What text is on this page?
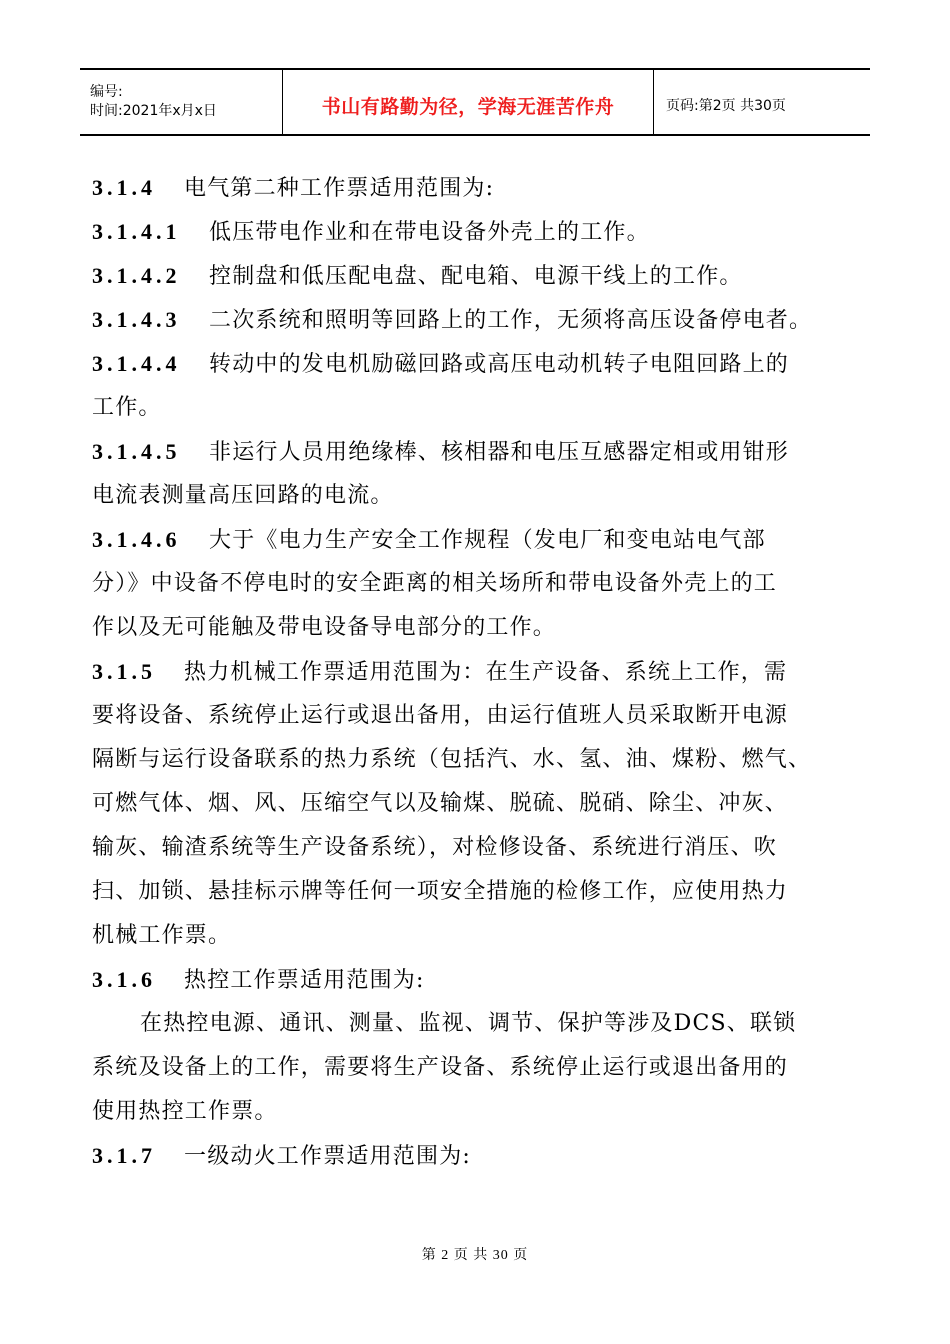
编号:
时间:2021年x月x日	书山有路勤为径，学海无涯苦作舟	页码:第2页 共30页
3.1.4 电气第二种工作票适用范围为:
3.1.4.1 低压带电作业和在带电设备外壳上的工作。
3.1.4.2 控制盘和低压配电盘、配电箱、电源干线上的工作。
3.1.4.3 二次系统和照明等回路上的工作，无须将高压设备停电者。
3.1.4.4 转动中的发电机励磁回路或高压电动机转子电阻回路上的
工作。
3.1.4.5 非运行人员用绝缘棒、核相器和电压互感器定相或用钳形
电流表测量高压回路的电流。
3.1.4.6 大于《电力生产安全工作规程（发电厂和变电站电气部
分）》中设备不停电时的安全距离的相关场所和带电设备外壳上的工
作以及无可能触及带电设备导电部分的工作。
3.1.5 热力机械工作票适用范围为：在生产设备、系统上工作，需
要将设备、系统停止运行或退出备用，由运行值班人员采取断开电源
隔断与运行设备联系的热力系统（包括汽、水、氢、油、煤粉、燃气、
可燃气体、烟、风、压缩空气以及输煤、脱硫、脱硝、除尘、冲灰、
输灰、输渣系统等生产设备系统），对检修设备、系统进行消压、吹
扫、加锁、悬挂标示牌等任何一项安全措施的检修工作，应使用热力
机械工作票。
3.1.6 热控工作票适用范围为:
在热控电源、通讯、测量、监视、调节、保护等涉及DCS、联锁
系统及设备上的工作，需要将生产设备、系统停止运行或退出备用的
使用热控工作票。
3.1.7 一级动火工作票适用范围为:
第 2 页 共 30 页
